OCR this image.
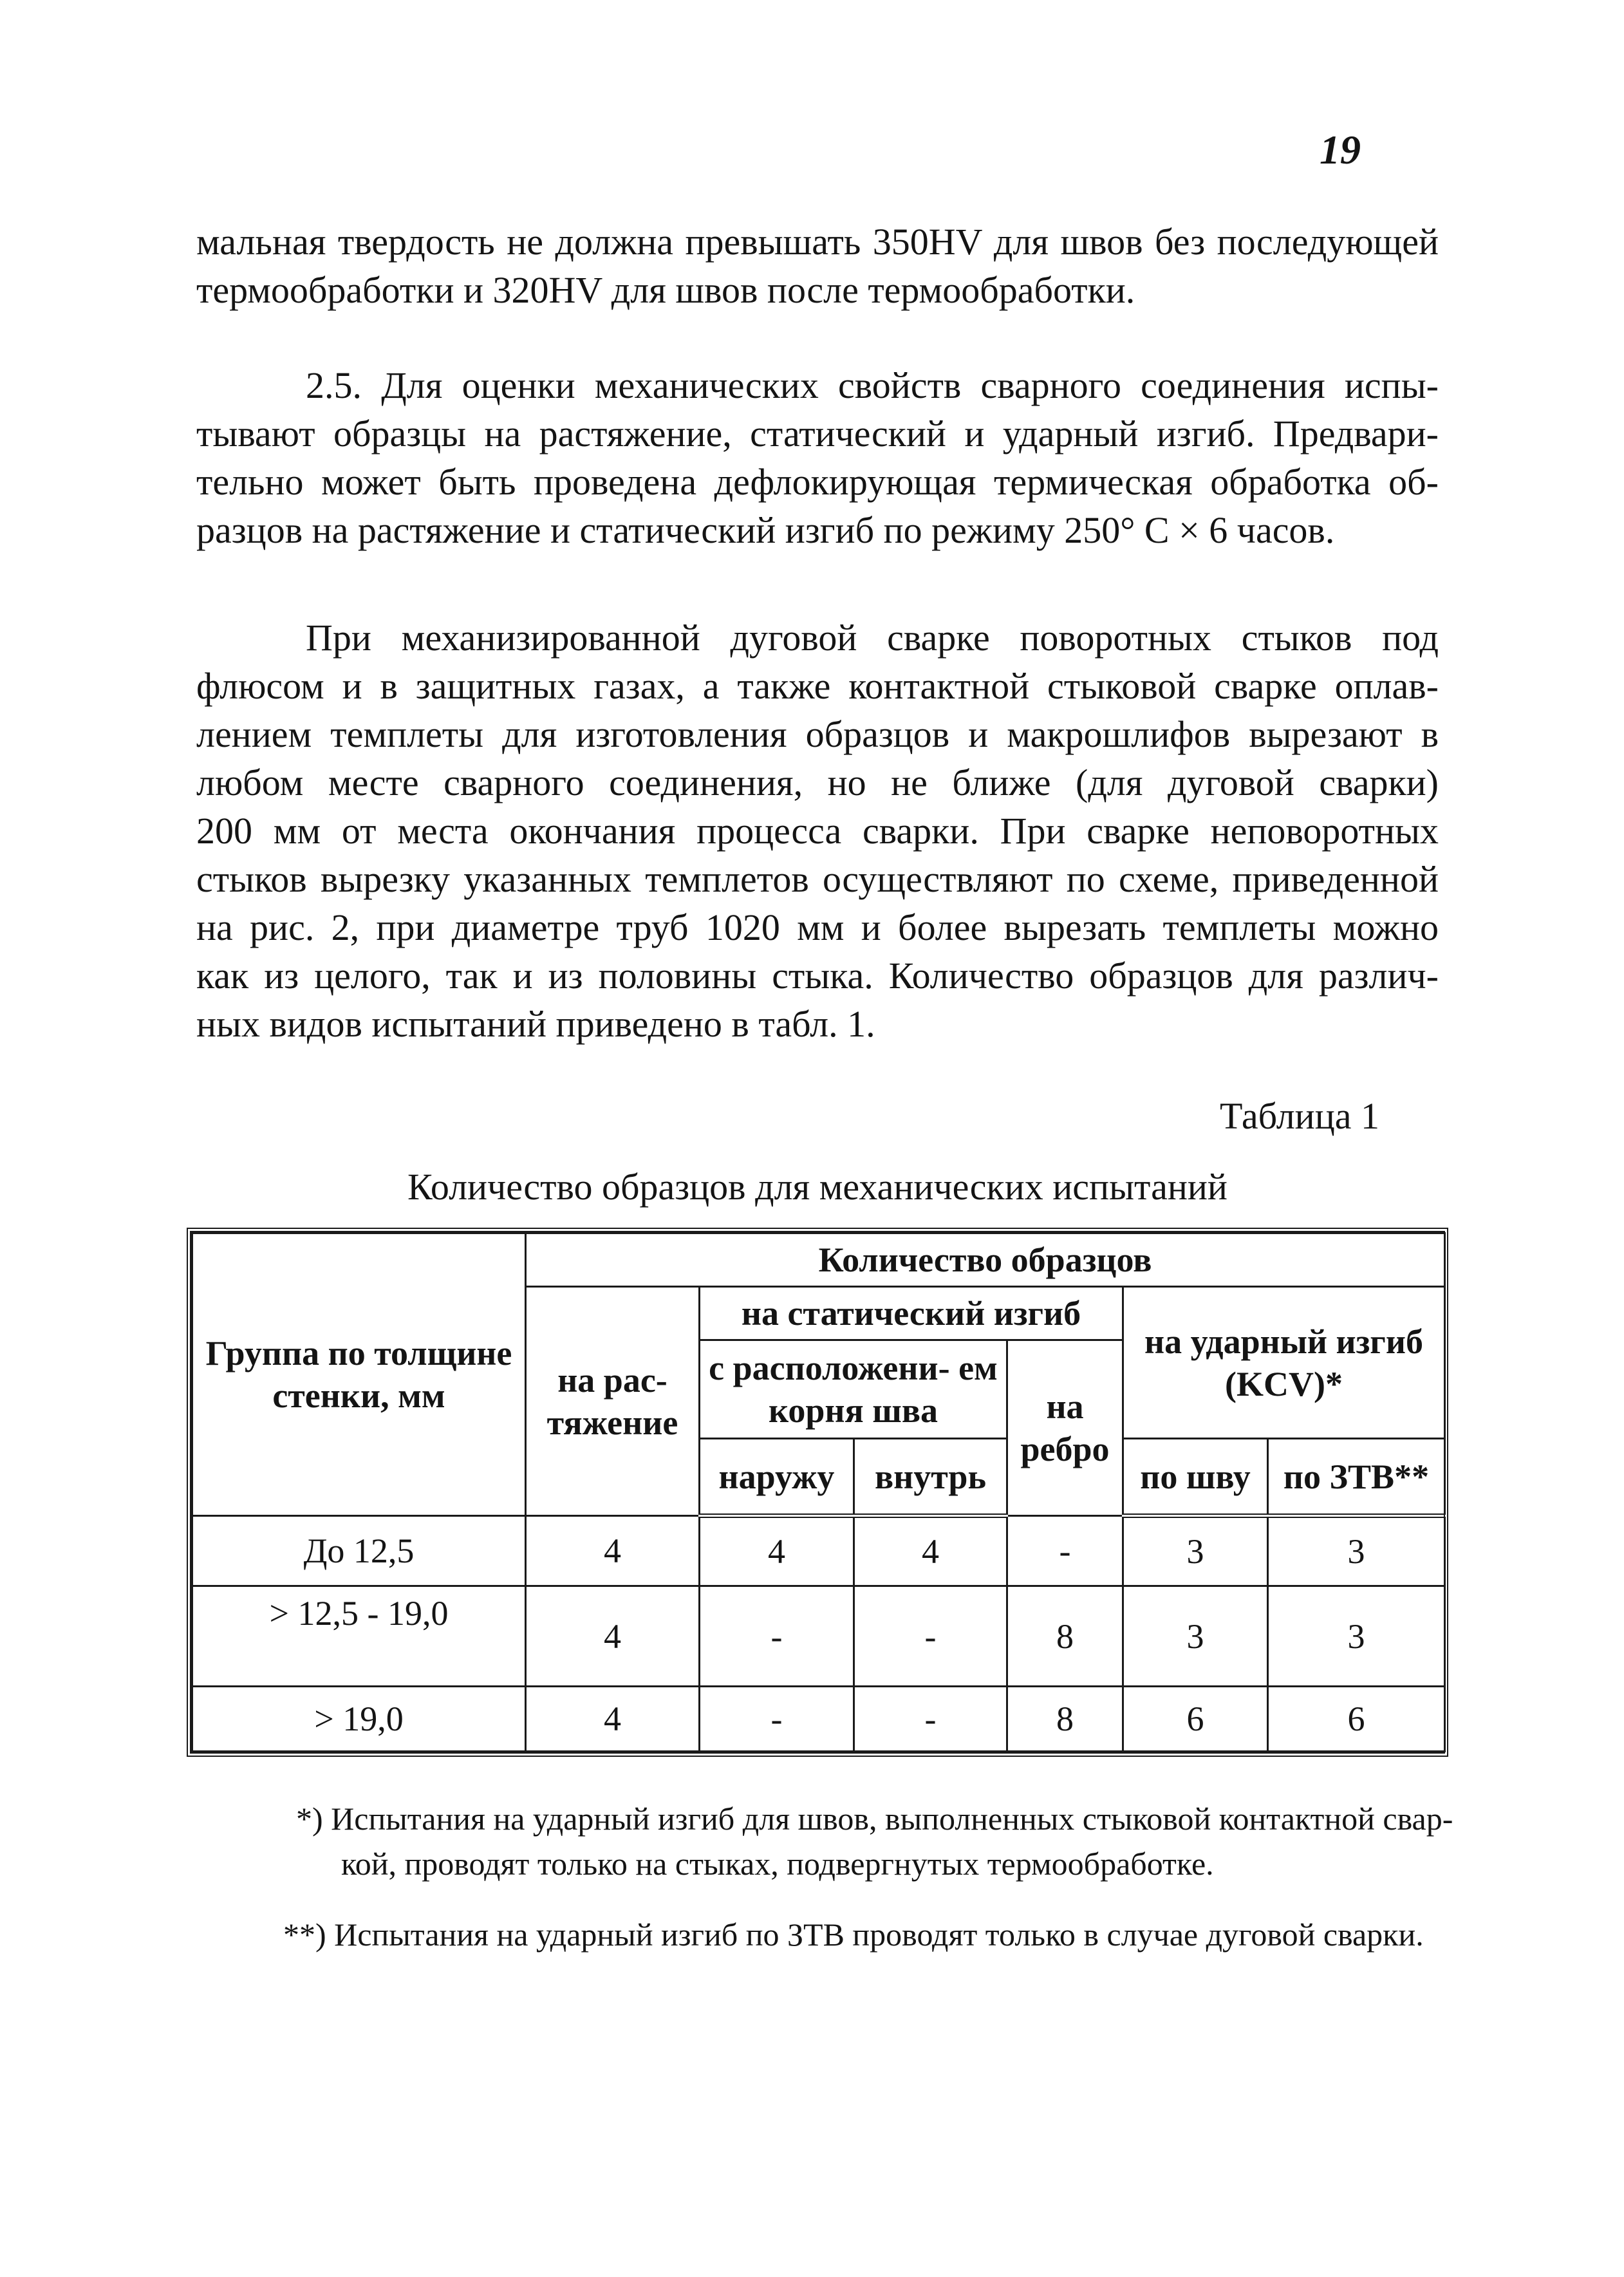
19
мальная твердость не должна превышать 350HV для швов без последующей
термообработки и 320HV для швов после термообработки.
2.5. Для оценки механических свойств сварного соединения испы-
тывают образцы на растяжение, статический и ударный изгиб. Предвари-
тельно может быть проведена дефлокирующая термическая обработка об-
разцов на растяжение и статический изгиб по режиму 250° С × 6 часов.
При механизированной дуговой сварке поворотных стыков под
флюсом и в защитных газах, а также контактной стыковой сварке оплав-
лением темплеты для изготовления образцов и макрошлифов вырезают в
любом месте сварного соединения, но не ближе (для дуговой сварки)
200 мм от места окончания процесса сварки. При сварке неповоротных
стыков вырезку указанных темплетов осуществляют по схеме, приведенной
на рис. 2, при диаметре труб 1020 мм и более вырезать темплеты можно
как из целого, так и из половины стыка. Количество образцов для различ-
ных видов испытаний приведено в табл. 1.
Таблица 1
Количество образцов для механических испытаний
Группа по толщине стенки, мм	Количество образцов					
	на рас- тяжение	на статический изгиб			на ударный изгиб (KCV)*	
		с расположени- ем корня шва		на ребро		
		наружу	внутрь		по шву	по ЗТВ**
До 12,5	4	4	4	-	3	3
> 12,5 - 19,0	4	-	-	8	3	3
> 19,0	4	-	-	8	6	6
*) Испытания на ударный изгиб для швов, выполненных стыковой контактной свар-
кой, проводят только на стыках, подвергнутых термообработке.
**) Испытания на ударный изгиб по ЗТВ проводят только в случае дуговой сварки.
